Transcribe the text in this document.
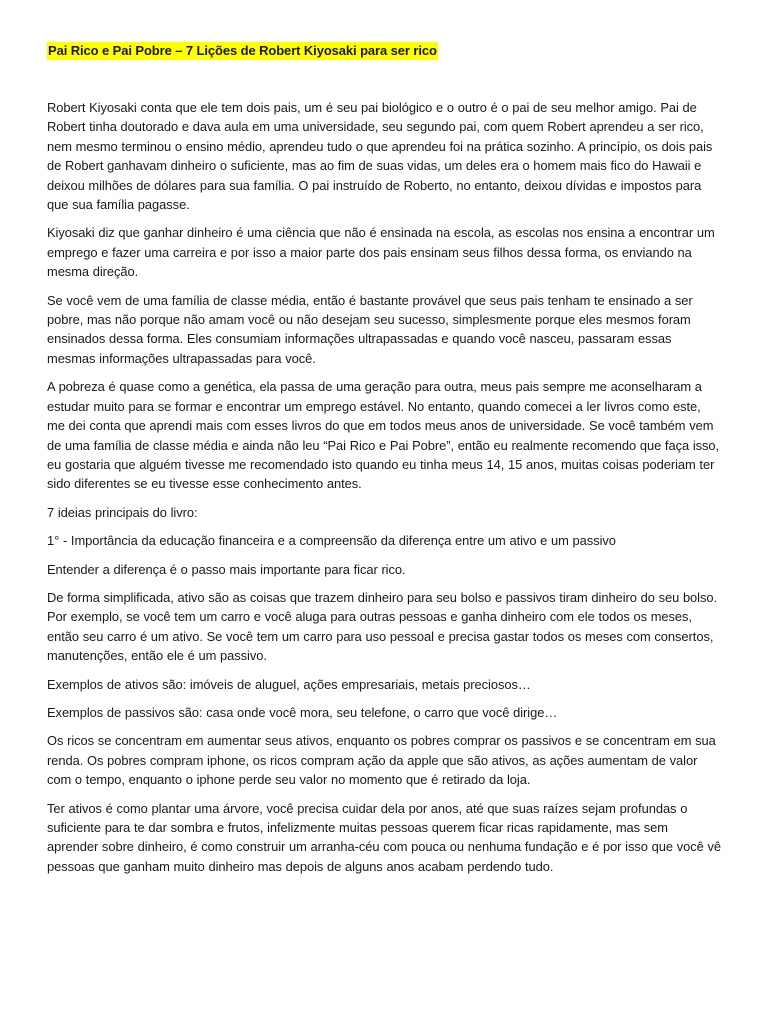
Pai Rico e Pai Pobre – 7 Lições de Robert Kiyosaki para ser rico

Robert Kiyosaki conta que ele tem dois pais, um é seu pai biológico e o outro é o pai de seu melhor amigo. Pai de Robert tinha doutorado e dava aula em uma universidade, seu segundo pai, com quem Robert aprendeu a ser rico, nem mesmo terminou o ensino médio, aprendeu tudo o que aprendeu foi na prática sozinho. A princípio, os dois pais de Robert ganhavam dinheiro o suficiente, mas ao fim de suas vidas, um deles era o homem mais fico do Hawaii e deixou milhões de dólares para sua família. O pai instruído de Roberto, no entanto, deixou dívidas e impostos para que sua família pagasse.

Kiyosaki diz que ganhar dinheiro é uma ciência que não é ensinada na escola, as escolas nos ensina a encontrar um emprego e fazer uma carreira e por isso a maior parte dos pais ensinam seus filhos dessa forma, os enviando na mesma direção.

Se você vem de uma família de classe média, então é bastante provável que seus pais tenham te ensinado a ser pobre, mas não porque não amam você ou não desejam seu sucesso, simplesmente porque eles mesmos foram ensinados dessa forma. Eles consumiam informações ultrapassadas e quando você nasceu, passaram essas mesmas informações ultrapassadas para você.

A pobreza é quase como a genética, ela passa de uma geração para outra, meus pais sempre me aconselharam a estudar muito para se formar e encontrar um emprego estável. No entanto, quando comecei a ler livros como este, me dei conta que aprendi mais com esses livros do que em todos meus anos de universidade. Se você também vem de uma família de classe média e ainda não leu “Pai Rico e Pai Pobre”, então eu realmente recomendo que faça isso, eu gostaria que alguém tivesse me recomendado isto quando eu tinha meus 14, 15 anos, muitas coisas poderiam ter sido diferentes se eu tivesse esse conhecimento antes.

7 ideias principais do livro:

1° - Importância da educação financeira e a compreensão da diferença entre um ativo e um passivo

Entender a diferença é o passo mais importante para ficar rico.

De forma simplificada, ativo são as coisas que trazem dinheiro para seu bolso e passivos tiram dinheiro do seu bolso. Por exemplo, se você tem um carro e você aluga para outras pessoas e ganha dinheiro com ele todos os meses, então seu carro é um ativo. Se você tem um carro para uso pessoal e precisa gastar todos os meses com consertos, manutenções, então ele é um passivo.

Exemplos de ativos são: imóveis de aluguel, ações empresariais, metais preciosos…

Exemplos de passivos são: casa onde você mora, seu telefone, o carro que você dirige…

Os ricos se concentram em aumentar seus ativos, enquanto os pobres comprar os passivos e se concentram em sua renda. Os pobres compram iphone, os ricos compram ação da apple que são ativos, as ações aumentam de valor com o tempo, enquanto o iphone perde seu valor no momento que é retirado da loja.

Ter ativos é como plantar uma árvore, você precisa cuidar dela por anos, até que suas raízes sejam profundas o suficiente para te dar sombra e frutos, infelizmente muitas pessoas querem ficar ricas rapidamente, mas sem aprender sobre dinheiro, é como construir um arranha-céu com pouca ou nenhuma fundação e é por isso que você vê pessoas que ganham muito dinheiro mas depois de alguns anos acabam perdendo tudo.
